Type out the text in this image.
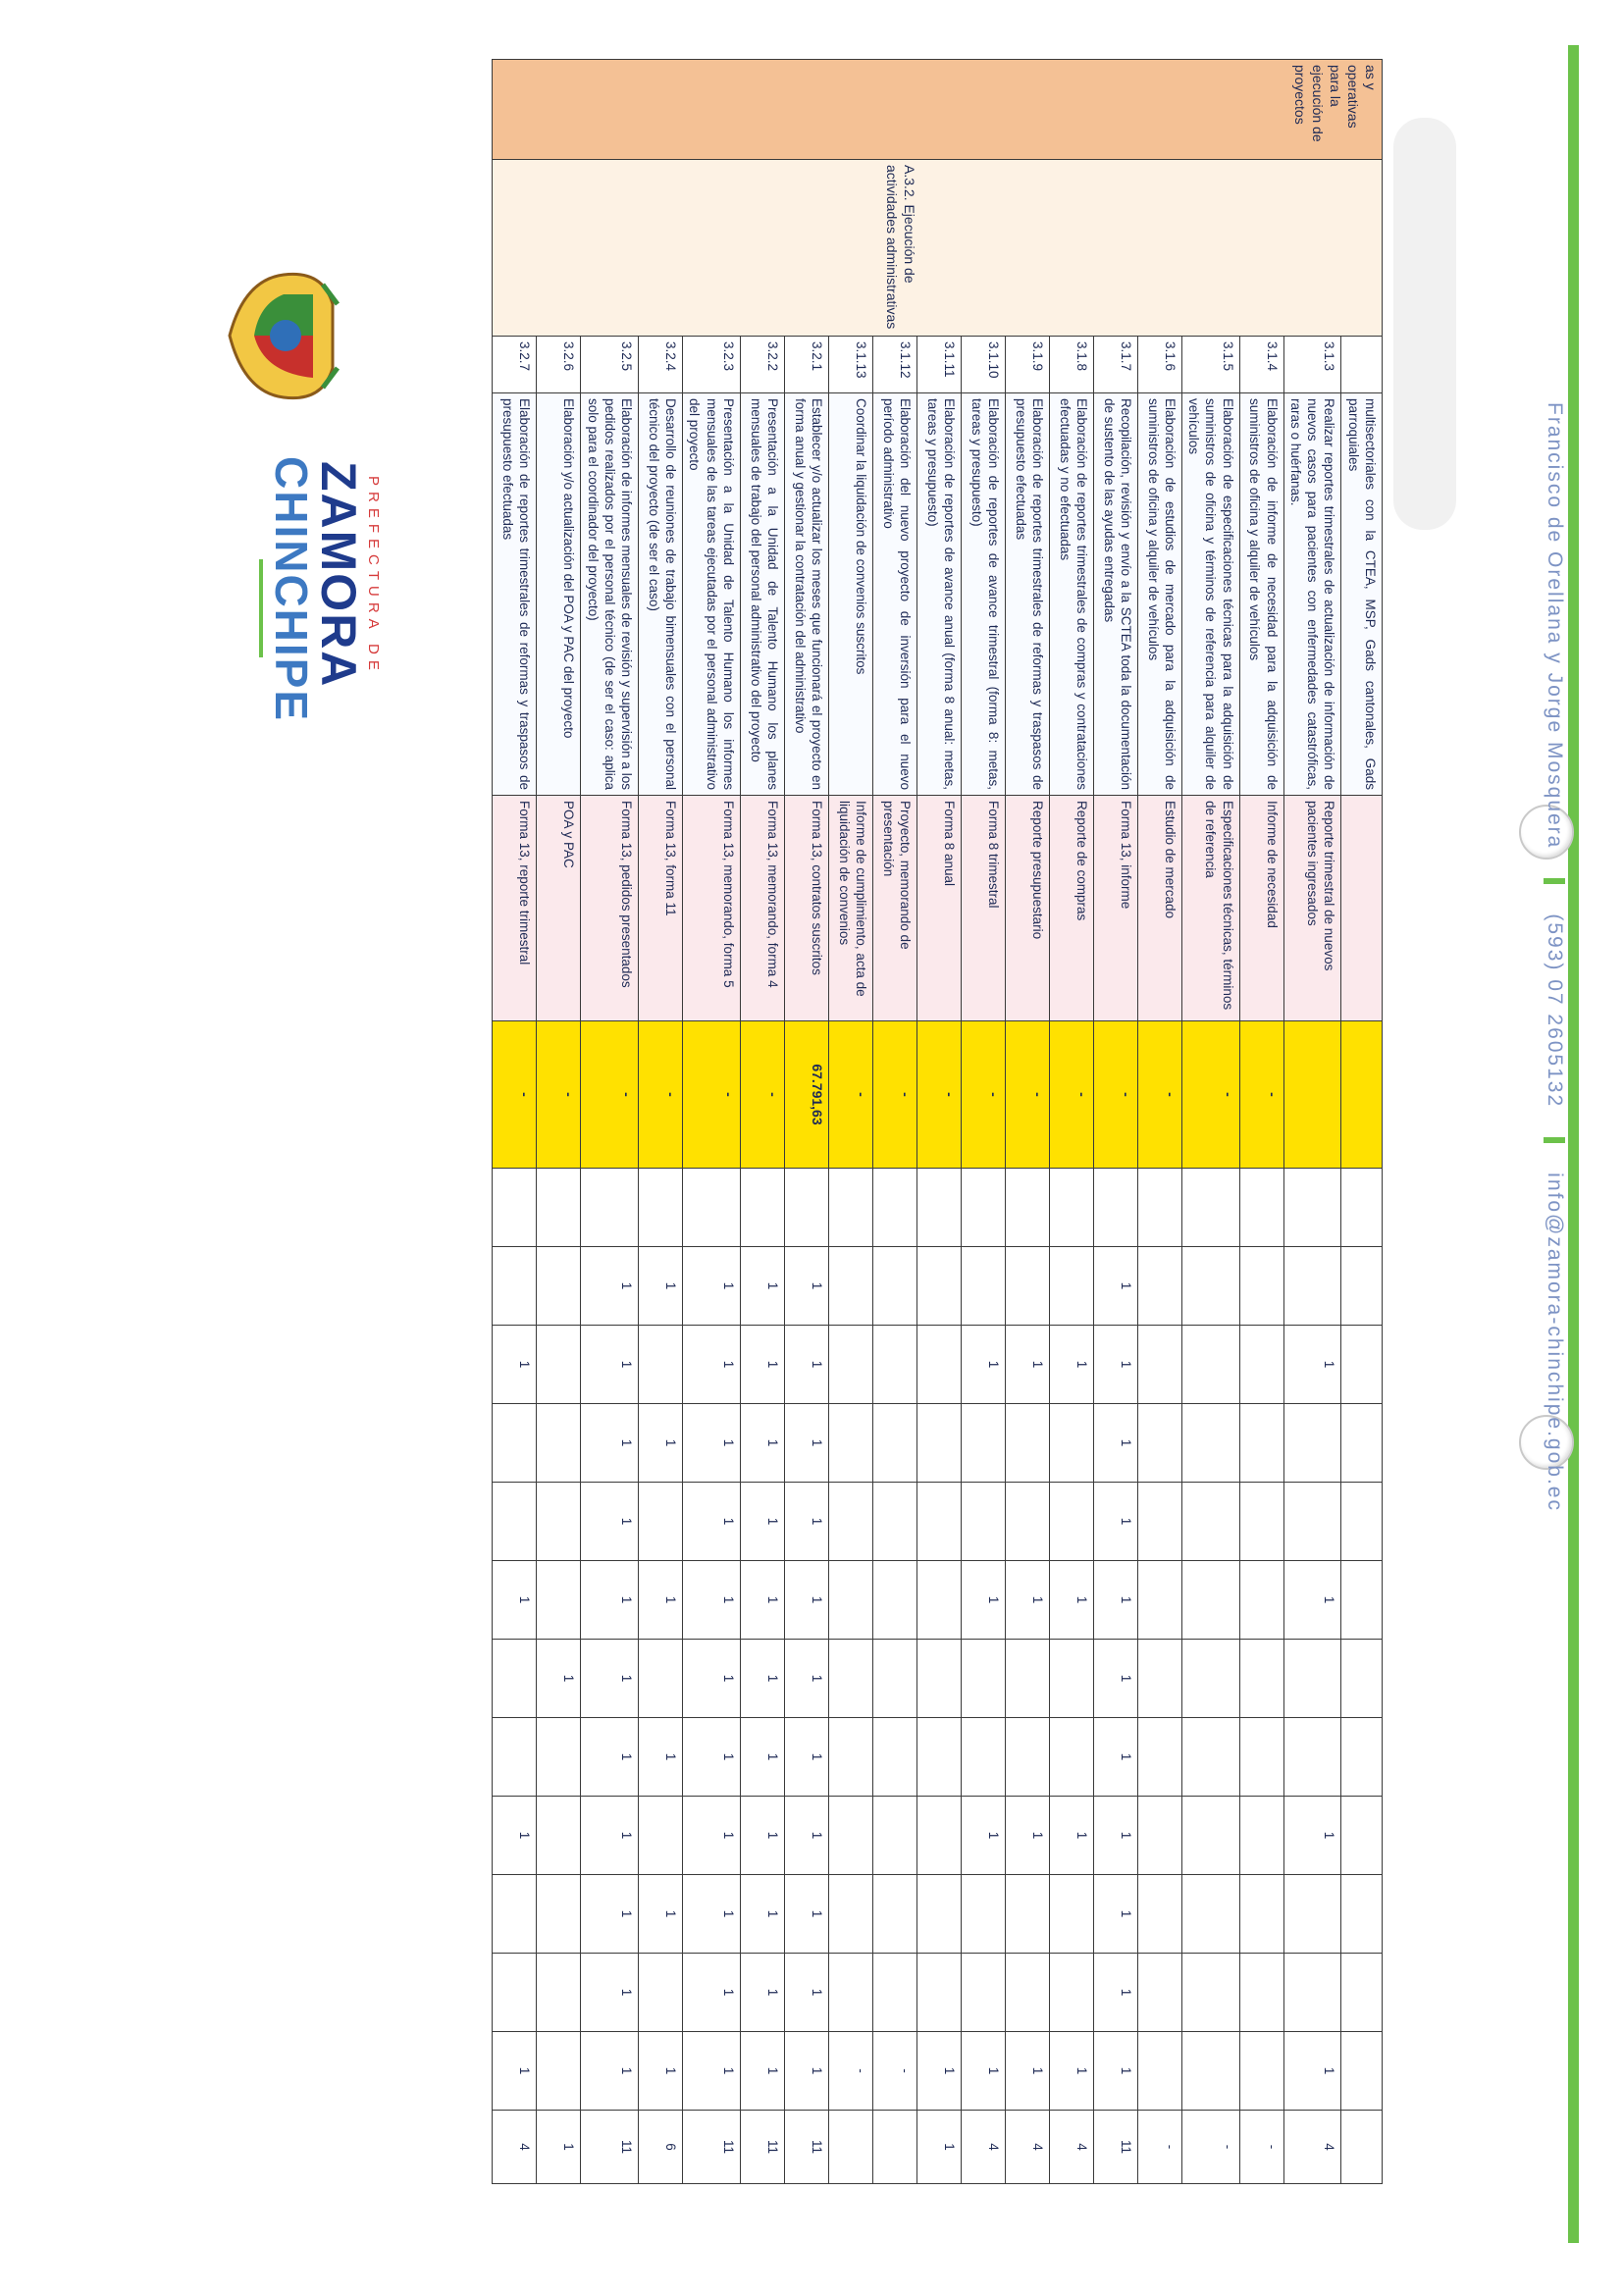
Francisco de Orellana y Jorge Mosquera
(593) 07 2605132
info@zamora-chinchipe.gob.ec
as y operativas para la ejecución de proyectos	A.3.2. Ejecución de actividades administrativas		multisectoriales con la CTEA, MSP, Gads cantonales, Gads parroquiales															
		3.1.3	Realizar reportes trimestrales de actualización de información de nuevos casos para pacientes con enfermedades catastróficas, raras o huérfanas.	Reporte trimestral de nuevos pacientes ingresados				1			1			1			1	4
		3.1.4	Elaboración de informe de necesidad para la adquisición de suministros de oficina y alquiler de vehículos	Informe de necesidad	-													-
		3.1.5	Elaboración de especificaciones técnicas para la adquisición de suministros de oficina y términos de referencia para alquiler de vehículos	Especificaciones técnicas, términos de referencia	-													-
		3.1.6	Elaboración de estudios de mercado para la adquisición de suministros de oficina y alquiler de vehículos	Estudio de mercado	-													-
		3.1.7	Recopilación, revisión y envío a la SCTEA toda la documentación de sustento de las ayudas entregadas	Forma 13, informe	-		1	1	1	1	1	1	1	1	1	1	1	11
		3.1.8	Elaboración de reportes trimestrales de compras y contrataciones efectuadas y no efectuadas	Reporte de compras	-			1			1			1			1	4
		3.1.9	Elaboración de reportes trimestrales de reformas y traspasos de presupuesto efectuadas	Reporte presupuestario	-			1			1			1			1	4
		3.1.10	Elaboración de reportes de avance trimestral (forma 8: metas, tareas y presupuesto)	Forma 8 trimestral	-			1			1			1			1	4
		3.1.11	Elaboración de reportes de avance anual (forma 8 anual: metas, tareas y presupuesto)	Forma 8 anual	-												1	1
		3.1.12	Elaboración del nuevo proyecto de inversión para el nuevo período administrativo	Proyecto, memorando de presentación	-												-	
		3.1.13	Coordinar la liquidación de convenios suscritos	Informe de cumplimiento, acta de liquidación de convenios	-												-	
		3.2.1	Establecer y/o actualizar los meses que funcionará el proyecto en forma anual y gestionar la contratación del administrativo	Forma 13, contratos suscritos	67.791,63		1	1	1	1	1	1	1	1	1	1	1	11
		3.2.2	Presentación a la Unidad de Talento Humano los planes mensuales de trabajo del personal administrativo del proyecto	Forma 13, memorando, forma 4	-		1	1	1	1	1	1	1	1	1	1	1	11
		3.2.3	Presentación a la Unidad de Talento Humano los informes mensuales de las tareas ejecutadas por el personal administrativo del proyecto	Forma 13, memorando, forma 5	-		1	1	1	1	1	1	1	1	1	1	1	11
		3.2.4	Desarrollo de reuniones de trabajo bimensuales con el personal técnico del proyecto (de ser el caso)	Forma 13, forma 11	-		1		1		1		1		1		1	6
		3.2.5	Elaboración de informes mensuales de revisión y supervisión a los pedidos realizados por el personal técnico (de ser el caso: aplica solo para el coordinador del proyecto)	Forma 13, pedidos presentados	-		1	1	1	1	1	1	1	1	1	1	1	11
		3.2.6	Elaboración y/o actualización del POA y PAC del proyecto	POA y PAC	-							1						1
		3.2.7	Elaboración de reportes trimestrales de reformas y traspasos de presupuesto efectuadas	Forma 13, reporte trimestral	-			1			1			1			1	4
PREFECTURA DE
ZAMORA
CHINCHIPE
